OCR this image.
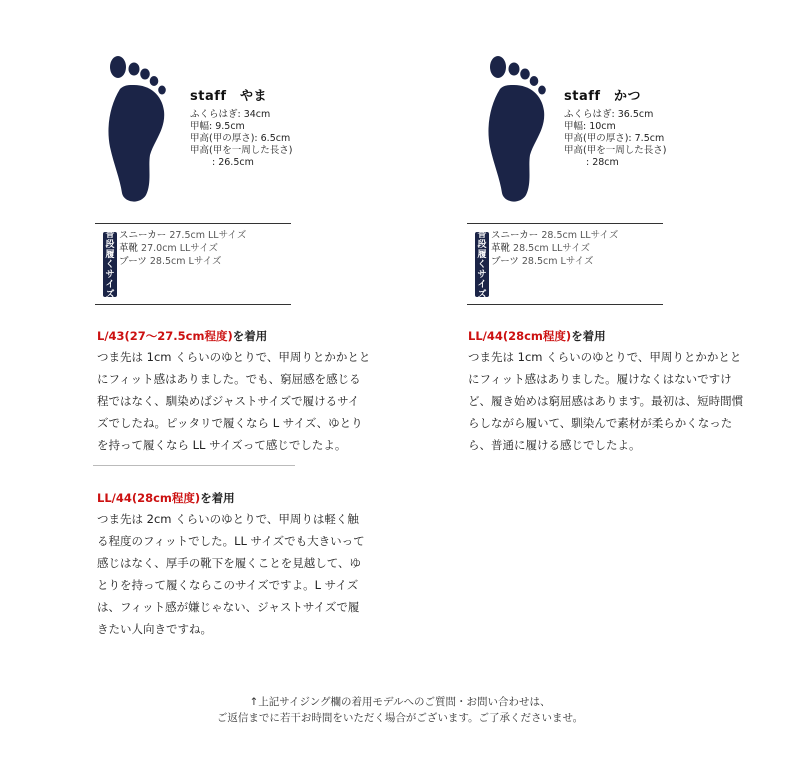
staff　やま
ふくらはぎ: 34cm
甲幅: 9.5cm
甲高(甲の厚さ): 6.5cm
甲高(甲を一周した長さ)
: 26.5cm
普
段
履
く
サ
イ
ズ
スニーカー 27.5cm LLサイズ
革靴 27.0cm LLサイズ
ブーツ 28.5cm Lサイズ
L/43(27～27.5cm程度)を着用
つま先は 1cm くらいのゆとりで、甲周りとかかとと
にフィット感はありました。でも、窮屈感を感じる
程ではなく、馴染めばジャストサイズで履けるサイ
ズでしたね。ピッタリで履くなら L サイズ、ゆとり
を持って履くなら LL サイズって感じでしたよ。
LL/44(28cm程度)を着用
つま先は 2cm くらいのゆとりで、甲周りは軽く触
る程度のフィットでした。LL サイズでも大きいって
感じはなく、厚手の靴下を履くことを見越して、ゆ
とりを持って履くならこのサイズですよ。L サイズ
は、フィット感が嫌じゃない、ジャストサイズで履
きたい人向きですね。
staff　かつ
ふくらはぎ: 36.5cm
甲幅: 10cm
甲高(甲の厚さ): 7.5cm
甲高(甲を一周した長さ)
: 28cm
普
段
履
く
サ
イ
ズ
スニーカー 28.5cm LLサイズ
革靴 28.5cm LLサイズ
ブーツ 28.5cm Lサイズ
LL/44(28cm程度)を着用
つま先は 1cm くらいのゆとりで、甲周りとかかとと
にフィット感はありました。履けなくはないですけ
ど、履き始めは窮屈感はあります。最初は、短時間慣
らしながら履いて、馴染んで素材が柔らかくなった
ら、普通に履ける感じでしたよ。
↑上記サイジング欄の着用モデルへのご質問・お問い合わせは、
ご返信までに若干お時間をいただく場合がございます。ご了承くださいませ。
